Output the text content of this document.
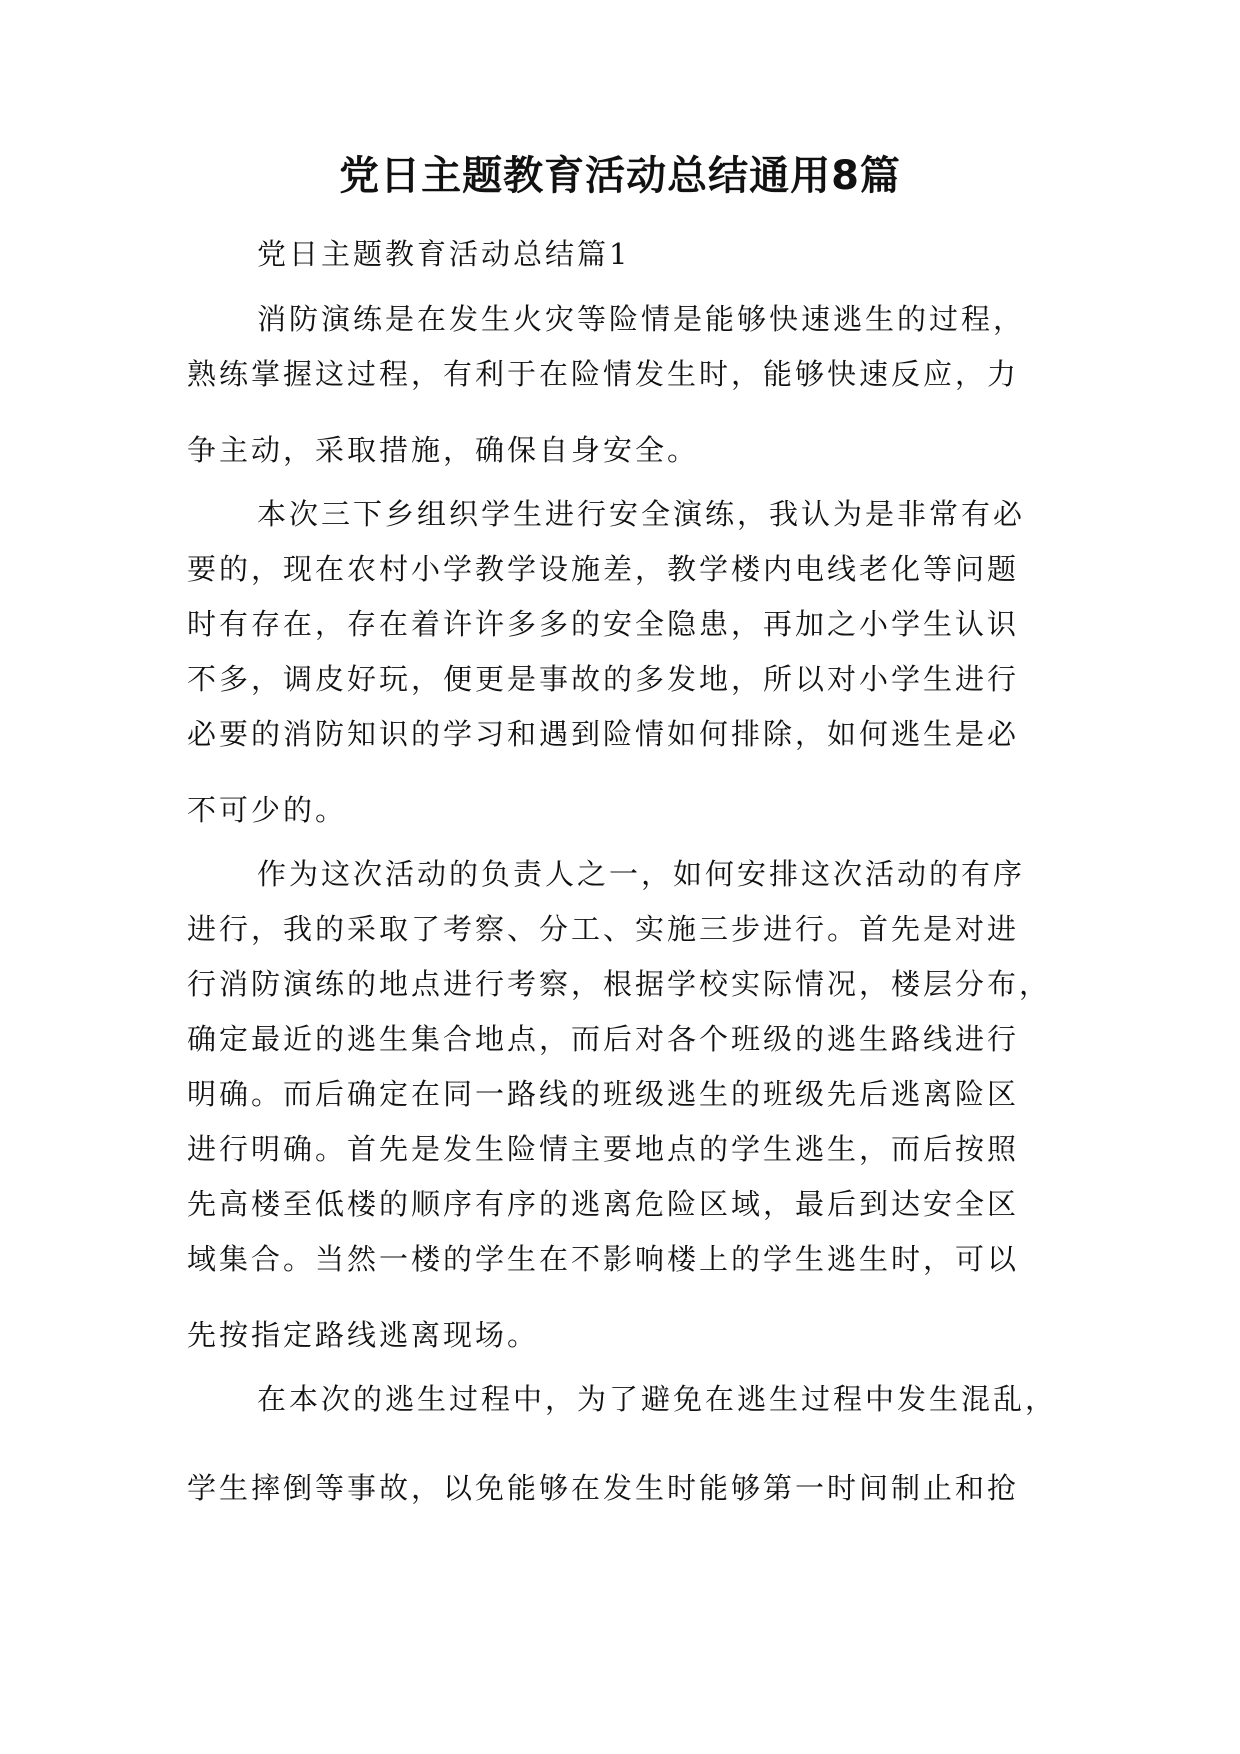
党日主题教育活动总结通用8篇
党日主题教育活动总结篇1
消防演练是在发生火灾等险情是能够快速逃生的过程，
熟练掌握这过程，有利于在险情发生时，能够快速反应，力
争主动，采取措施，确保自身安全。
本次三下乡组织学生进行安全演练，我认为是非常有必
要的，现在农村小学教学设施差，教学楼内电线老化等问题
时有存在，存在着许许多多的安全隐患，再加之小学生认识
不多，调皮好玩，便更是事故的多发地，所以对小学生进行
必要的消防知识的学习和遇到险情如何排除，如何逃生是必
不可少的。
作为这次活动的负责人之一，如何安排这次活动的有序
进行，我的采取了考察、分工、实施三步进行。首先是对进
行消防演练的地点进行考察，根据学校实际情况，楼层分布，
确定最近的逃生集合地点，而后对各个班级的逃生路线进行
明确。而后确定在同一路线的班级逃生的班级先后逃离险区
进行明确。首先是发生险情主要地点的学生逃生，而后按照
先高楼至低楼的顺序有序的逃离危险区域，最后到达安全区
域集合。当然一楼的学生在不影响楼上的学生逃生时，可以
先按指定路线逃离现场。
在本次的逃生过程中，为了避免在逃生过程中发生混乱，
学生摔倒等事故，以免能够在发生时能够第一时间制止和抢
